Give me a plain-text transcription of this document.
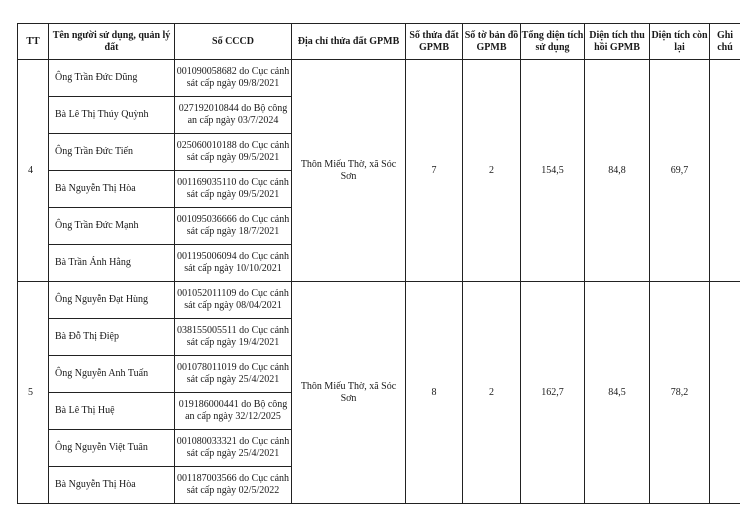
TT	Tên người sử dụng, quản lý đất	Số CCCD	Địa chỉ thửa đất GPMB	Số thửa đất GPMB	Số tờ bản đồ GPMB	Tổng diện tích sử dụng	Diện tích thu hồi GPMB	Diện tích còn lại	Ghi chú
4	Ông Trần Đức Dũng	001090058682 do Cục cảnh sát cấp ngày 09/8/2021	Thôn Miếu Thờ, xã Sóc Sơn	7	2	154,5	84,8	69,7	
	Bà Lê Thị Thúy Quỳnh	027192010844 do Bộ công an cấp ngày 03/7/2024							
	Ông Trần Đức Tiến	025060010188 do Cục cảnh sát cấp ngày 09/5/2021							
	Bà Nguyễn Thị Hòa	001169035110 do Cục cảnh sát cấp ngày 09/5/2021							
	Ông Trần Đức Mạnh	001095036666 do Cục cảnh sát cấp ngày 18/7/2021							
	Bà Trần Ánh Hằng	001195006094 do Cục cảnh sát cấp ngày 10/10/2021							
5	Ông Nguyễn Đạt Hùng	001052011109 do Cục cảnh sát cấp ngày 08/04/2021	Thôn Miếu Thờ, xã Sóc Sơn	8	2	162,7	84,5	78,2	
	Bà Đỗ Thị Điệp	038155005511 do Cục cảnh sát cấp ngày 19/4/2021							
	Ông Nguyễn Anh Tuấn	001078011019 do Cục cảnh sát cấp ngày 25/4/2021							
	Bà Lê Thị Huệ	019186000441 do Bộ công an cấp ngày 32/12/2025							
	Ông Nguyễn Việt Tuân	001080033321 do Cục cảnh sát cấp ngày 25/4/2021							
	Bà Nguyễn Thị Hòa	001187003566 do Cục cảnh sát cấp ngày 02/5/2022							
